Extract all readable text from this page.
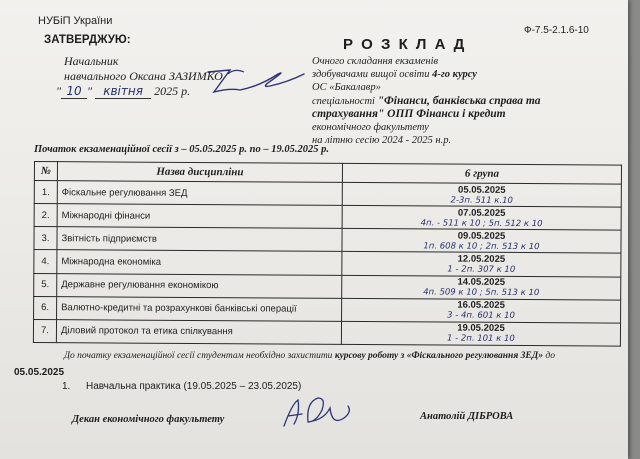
НУБіП України
ЗАТВЕРДЖУЮ:
Начальник
навчального Оксана ЗАЗИМКО
" 10 " квітня 2025 р.
Ф-7.5-2.1.6-10
Р О З К Л А Д
Очного складання екзаменів
здобувачами вищої освіти 4-го курсу
ОС «Бакалавр»
спеціальності "Фінанси, банківська справа та
страхування" ОПП Фінанси і кредит
економічного факультету
на літню сесію 2024 - 2025 н.р.
Початок екзаменаційної сесії з – 05.05.2025 р. по – 19.05.2025 р.
№	Назва дисципліни	6 група
1.	Фіскальне регулювання ЗЕД	05.05.2025
2-3п. 511 к.10

2.	Міжнародні фінанси	07.05.2025
4п. - 511 к 10 ; 5п. 512 к 10

3.	Звітність підприємств	09.05.2025
1п. 608 к 10 ; 2п. 513 к 10

4.	Міжнародна економіка	12.05.2025
1 - 2п. 307 к 10

5.	Державне регулювання економікою	14.05.2025
4п. 509 к 10 ; 5п. 513 к 10

6.	Валютно-кредитні та розрахункові банківські операції	16.05.2025
3 - 4п. 601 к 10

7.	Діловий протокол та етика спілкування	19.05.2025
1 - 2п. 101 к 10
До початку екзаменаційної сесії студентам необхідно захистити курсову роботу з «Фіскального регулювання ЗЕД» до
05.05.2025
1. Навчальна практика (19.05.2025 – 23.05.2025)
Декан економічного факультету	Анатолій ДІБРОВА
